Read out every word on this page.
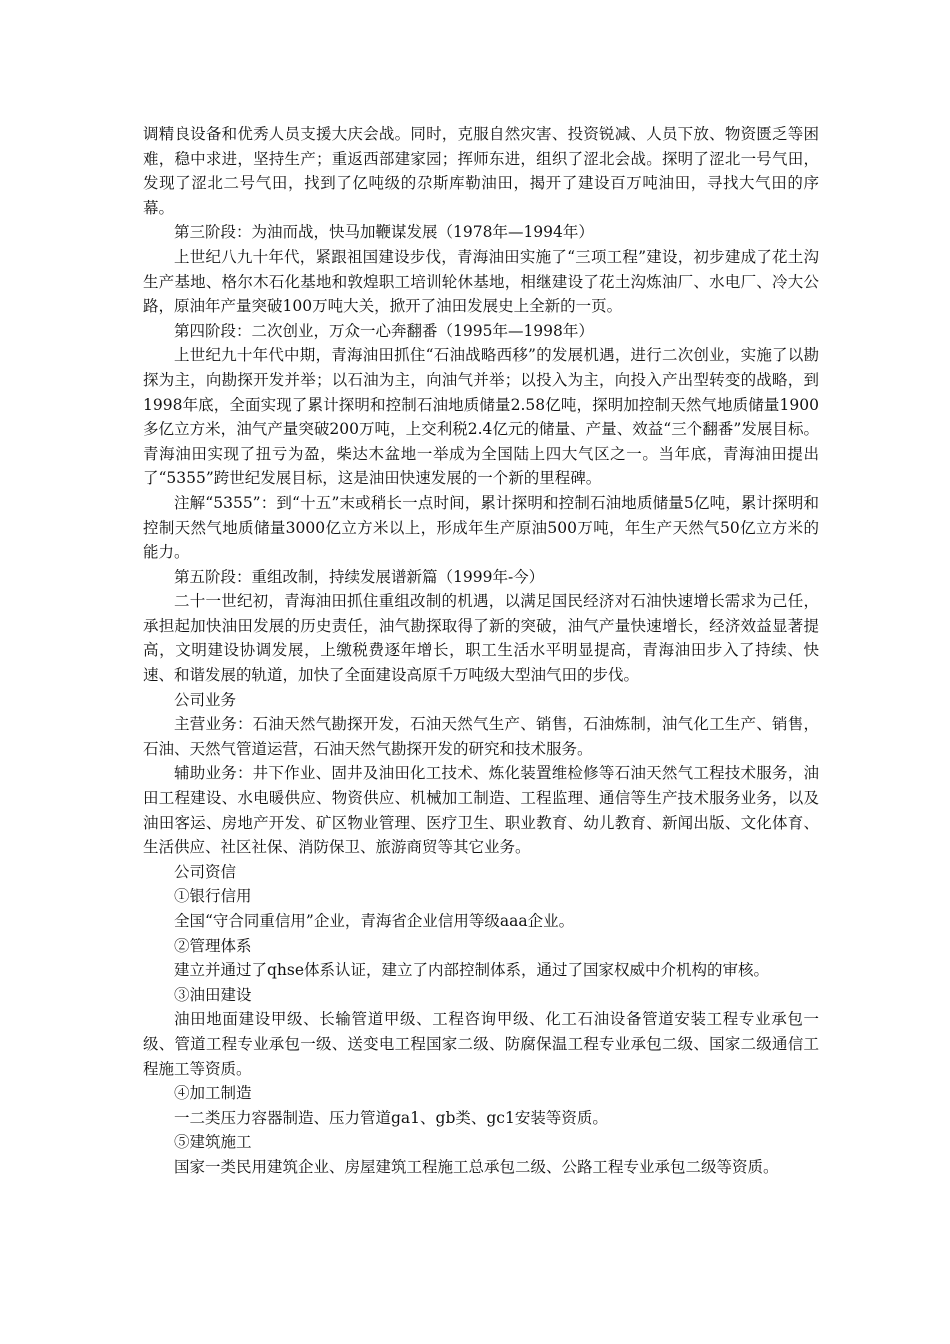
调精良设备和优秀人员支援大庆会战。同时，克服自然灾害、投资锐减、人员下放、物资匮乏等困难，稳中求进，坚持生产；重返西部建家园；挥师东进，组织了涩北会战。探明了涩北一号气田，发现了涩北二号气田，找到了亿吨级的尕斯库勒油田，揭开了建设百万吨油田，寻找大气田的序幕。

第三阶段：为油而战，快马加鞭谋发展（1978年—1994年）

上世纪八九十年代，紧跟祖国建设步伐，青海油田实施了“三项工程”建设，初步建成了花土沟生产基地、格尔木石化基地和敦煌职工培训轮休基地，相继建设了花土沟炼油厂、水电厂、冷大公路，原油年产量突破100万吨大关，掀开了油田发展史上全新的一页。

第四阶段：二次创业，万众一心奔翻番（1995年—1998年）

上世纪九十年代中期，青海油田抓住“石油战略西移”的发展机遇，进行二次创业，实施了以勘探为主，向勘探开发并举；以石油为主，向油气并举；以投入为主，向投入产出型转变的战略，到1998年底，全面实现了累计探明和控制石油地质储量2.58亿吨，探明加控制天然气地质储量1900多亿立方米，油气产量突破200万吨，上交利税2.4亿元的储量、产量、效益“三个翻番”发展目标。青海油田实现了扭亏为盈，柴达木盆地一举成为全国陆上四大气区之一。当年底，青海油田提出了“5355”跨世纪发展目标，这是油田快速发展的一个新的里程碑。

注解“5355”：到“十五”末或稍长一点时间，累计探明和控制石油地质储量5亿吨，累计探明和控制天然气地质储量3000亿立方米以上，形成年生产原油500万吨，年生产天然气50亿立方米的能力。

第五阶段：重组改制，持续发展谱新篇（1999年-今）

二十一世纪初，青海油田抓住重组改制的机遇，以满足国民经济对石油快速增长需求为己任，承担起加快油田发展的历史责任，油气勘探取得了新的突破，油气产量快速增长，经济效益显著提高，文明建设协调发展，上缴税费逐年增长，职工生活水平明显提高，青海油田步入了持续、快速、和谐发展的轨道，加快了全面建设高原千万吨级大型油气田的步伐。

公司业务

主营业务：石油天然气勘探开发，石油天然气生产、销售，石油炼制，油气化工生产、销售，石油、天然气管道运营，石油天然气勘探开发的研究和技术服务。

辅助业务：井下作业、固井及油田化工技术、炼化装置维检修等石油天然气工程技术服务，油田工程建设、水电暖供应、物资供应、机械加工制造、工程监理、通信等生产技术服务业务，以及油田客运、房地产开发、矿区物业管理、医疗卫生、职业教育、幼儿教育、新闻出版、文化体育、生活供应、社区社保、消防保卫、旅游商贸等其它业务。

公司资信

①银行信用

全国“守合同重信用”企业，青海省企业信用等级aaa企业。

②管理体系

建立并通过了qhse体系认证，建立了内部控制体系，通过了国家权威中介机构的审核。

③油田建设

油田地面建设甲级、长输管道甲级、工程咨询甲级、化工石油设备管道安装工程专业承包一级、管道工程专业承包一级、送变电工程国家二级、防腐保温工程专业承包二级、国家二级通信工程施工等资质。

④加工制造

一二类压力容器制造、压力管道ga1、gb类、gc1安装等资质。

⑤建筑施工

国家一类民用建筑企业、房屋建筑工程施工总承包二级、公路工程专业承包二级等资质。
